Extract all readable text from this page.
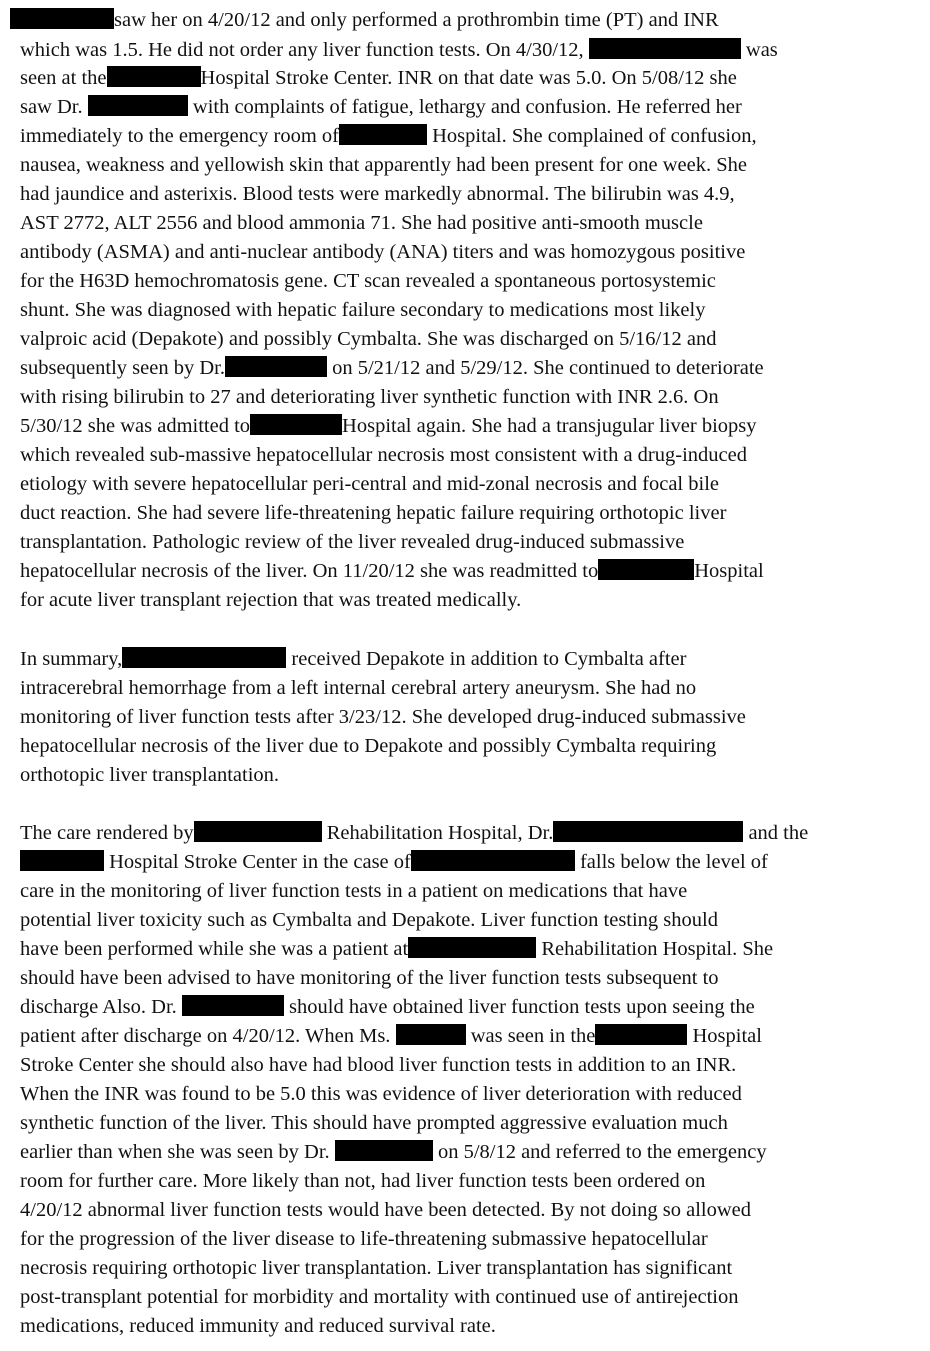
saw her on 4/20/12 and only performed a prothrombin time (PT) and INR
which was 1.5. He did not order any liver function tests. On 4/30/12,	was
seen at the	Hospital Stroke Center. INR on that date was 5.0. On 5/08/12 she
saw Dr.	with complaints of fatigue, lethargy and confusion. He referred her
immediately to the emergency room of	Hospital. She complained of confusion,
nausea, weakness and yellowish skin that apparently had been present for one week. She
had jaundice and asterixis. Blood tests were markedly abnormal. The bilirubin was 4.9,
AST 2772, ALT 2556 and blood ammonia 71. She had positive anti-smooth muscle
antibody (ASMA) and anti-nuclear antibody (ANA) titers and was homozygous positive
for the H63D hemochromatosis gene. CT scan revealed a spontaneous portosystemic
shunt. She was diagnosed with hepatic failure secondary to medications most likely
valproic acid (Depakote) and possibly Cymbalta. She was discharged on 5/16/12 and
subsequently seen by Dr.	on 5/21/12 and 5/29/12. She continued to deteriorate
with rising bilirubin to 27 and deteriorating liver synthetic function with INR 2.6. On
5/30/12 she was admitted to	Hospital again. She had a transjugular liver biopsy
which revealed sub-massive hepatocellular necrosis most consistent with a drug-induced
etiology with severe hepatocellular peri-central and mid-zonal necrosis and focal bile
duct reaction. She had severe life-threatening hepatic failure requiring orthotopic liver
transplantation. Pathologic review of the liver revealed drug-induced submassive
hepatocellular necrosis of the liver. On 11/20/12 she was readmitted to	Hospital
for acute liver transplant rejection that was treated medically.
In summary,	received Depakote in addition to Cymbalta after
intracerebral hemorrhage from a left internal cerebral artery aneurysm. She had no
monitoring of liver function tests after 3/23/12. She developed drug-induced submassive
hepatocellular necrosis of the liver due to Depakote and possibly Cymbalta requiring
orthotopic liver transplantation.
The care rendered by	Rehabilitation Hospital, Dr.	and the
Hospital Stroke Center in the case of	falls below the level of
care in the monitoring of liver function tests in a patient on medications that have
potential liver toxicity such as Cymbalta and Depakote. Liver function testing should
have been performed while she was a patient at	Rehabilitation Hospital. She
should have been advised to have monitoring of the liver function tests subsequent to
discharge Also. Dr.	should have obtained liver function tests upon seeing the
patient after discharge on 4/20/12. When Ms.	was seen in the	Hospital
Stroke Center she should also have had blood liver function tests in addition to an INR.
When the INR was found to be 5.0 this was evidence of liver deterioration with reduced
synthetic function of the liver. This should have prompted aggressive evaluation much
earlier than when she was seen by Dr.	on 5/8/12 and referred to the emergency
room for further care. More likely than not, had liver function tests been ordered on
4/20/12 abnormal liver function tests would have been detected. By not doing so allowed
for the progression of the liver disease to life-threatening submassive hepatocellular
necrosis requiring orthotopic liver transplantation. Liver transplantation has significant
post-transplant potential for morbidity and mortality with continued use of antirejection
medications, reduced immunity and reduced survival rate.
